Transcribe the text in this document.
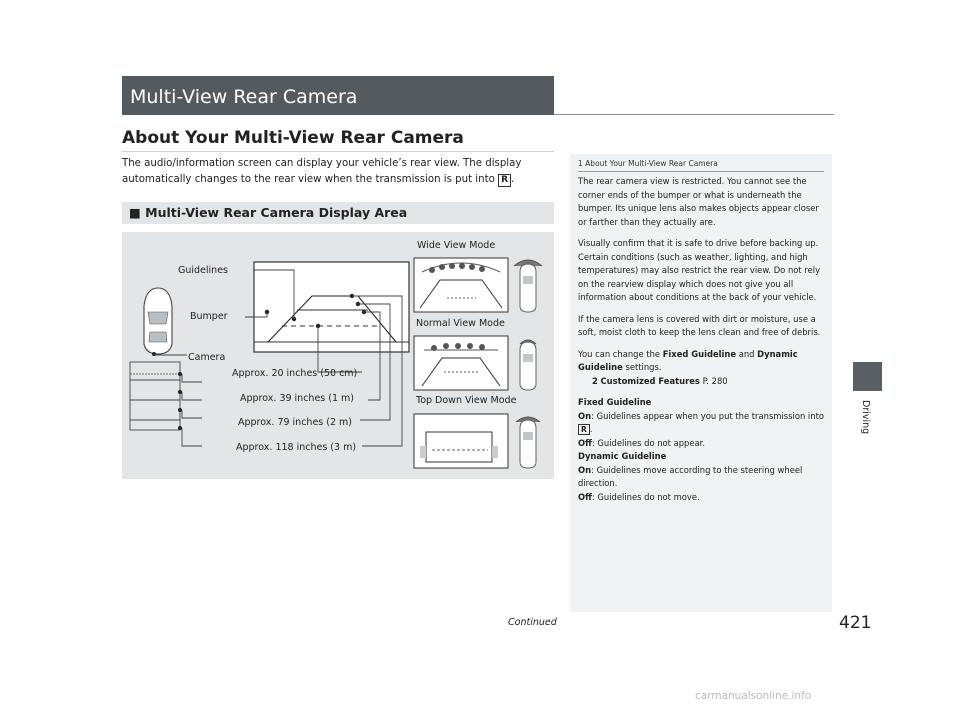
Multi-View Rear Camera
About Your Multi-View Rear Camera
The audio/information screen can display your vehicle’s rear view. The display automatically changes to the rear view when the transmission is put into R .
■ Multi-View Rear Camera Display Area
Guidelines
Bumper
Camera
Approx. 20 inches (50 cm)
Approx. 39 inches (1 m)
Approx. 79 inches (2 m)
Approx. 118 inches (3 m)
Wide View Mode
Normal View Mode
Top Down View Mode
1 About Your Multi-View Rear Camera

The rear camera view is restricted. You cannot see the corner ends of the bumper or what is underneath the bumper. Its unique lens also makes objects appear closer or farther than they actually are.

Visually confirm that it is safe to drive before backing up. Certain conditions (such as weather, lighting, and high temperatures) may also restrict the rear view. Do not rely on the rearview display which does not give you all information about conditions at the back of your vehicle.

If the camera lens is covered with dirt or moisture, use a soft, moist cloth to keep the lens clean and free of debris.

You can change the Fixed Guideline and Dynamic Guideline settings.

2 Customized Features P. 280

Fixed Guideline
On: Guidelines appear when you put the transmission into R .
Off: Guidelines do not appear.
Dynamic Guideline
On: Guidelines move according to the steering wheel direction.
Off: Guidelines do not move.
Driving
Continued	421
carmanualsonline.info
